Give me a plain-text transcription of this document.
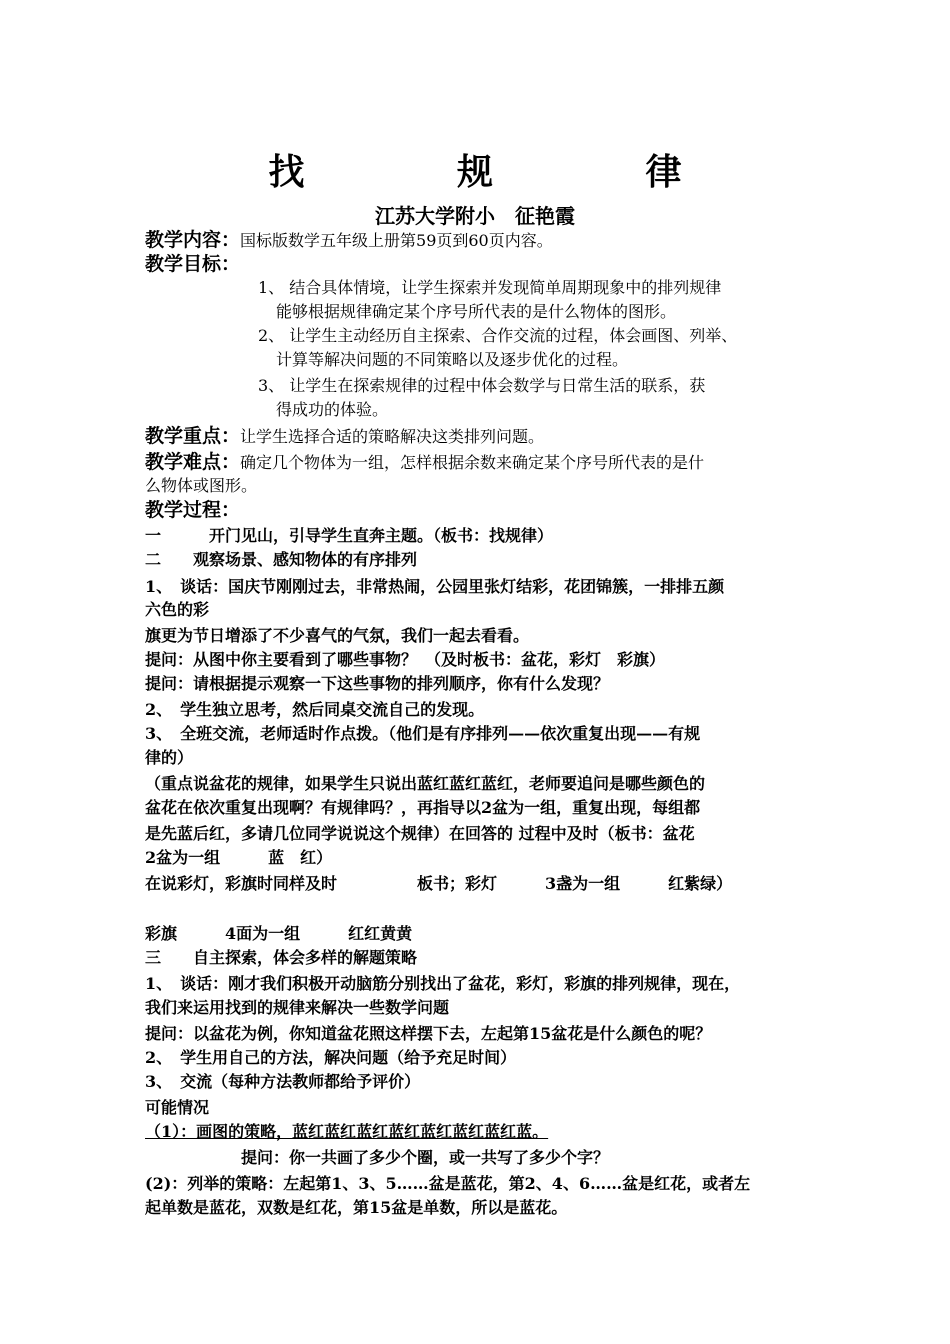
找 规 律
江苏大学附小　征艳霞
教学内容：国标版数学五年级上册第59页到60页内容。
教学目标：
1、 结合具体情境，让学生探索并发现简单周期现象中的排列规律
能够根据规律确定某个序号所代表的是什么物体的图形。
2、 让学生主动经历自主探索、合作交流的过程，体会画图、列举、
计算等解决问题的不同策略以及逐步优化的过程。
3、 让学生在探索规律的过程中体会数学与日常生活的联系，获
得成功的体验。
教学重点：让学生选择合适的策略解决这类排列问题。
教学难点：确定几个物体为一组，怎样根据余数来确定某个序号所代表的是什
么物体或图形。
教学过程：
一　　　开门见山，引导学生直奔主题。（板书：找规律）
二　　观察场景、感知物体的有序排列
1、　谈话：国庆节刚刚过去，非常热闹，公园里张灯结彩，花团锦簇，一排排五颜
六色的彩
旗更为节日增添了不少喜气的气氛，我们一起去看看。
提问：从图中你主要看到了哪些事物？　（及时板书：盆花，彩灯　彩旗）
提问：请根据提示观察一下这些事物的排列顺序，你有什么发现？
2、　学生独立思考，然后同桌交流自己的发现。
3、　全班交流，老师适时作点拨。（他们是有序排列——依次重复出现——有规
律的）
（重点说盆花的规律，如果学生只说出蓝红蓝红蓝红，老师要追问是哪些颜色的
盆花在依次重复出现啊？有规律吗？，再指导以2盆为一组，重复出现，每组都
是先蓝后红，多请几位同学说说这个规律）在回答的 过程中及时（板书：盆花
2盆为一组　　　蓝　红）
在说彩灯，彩旗时同样及时　　　　　板书；彩灯　　　3盏为一组　　　红紫绿）
彩旗　　　4面为一组　　　红红黄黄
三　　自主探索，体会多样的解题策略
1、　谈话：刚才我们积极开动脑筋分别找出了盆花，彩灯，彩旗的排列规律，现在，
我们来运用找到的规律来解决一些数学问题
提问：以盆花为例，你知道盆花照这样摆下去，左起第15盆花是什么颜色的呢？
2、　学生用自己的方法，解决问题（给予充足时间）
3、　交流（每种方法教师都给予评价）
可能情况
（1）：画图的策略，蓝红蓝红蓝红蓝红蓝红蓝红蓝红蓝。
　　　　　　提问：你一共画了多少个圈，或一共写了多少个字？
(2)：列举的策略：左起第1、3、5……盆是蓝花，第2、4、6……盆是红花，或者左
起单数是蓝花，双数是红花，第15盆是单数，所以是蓝花。
